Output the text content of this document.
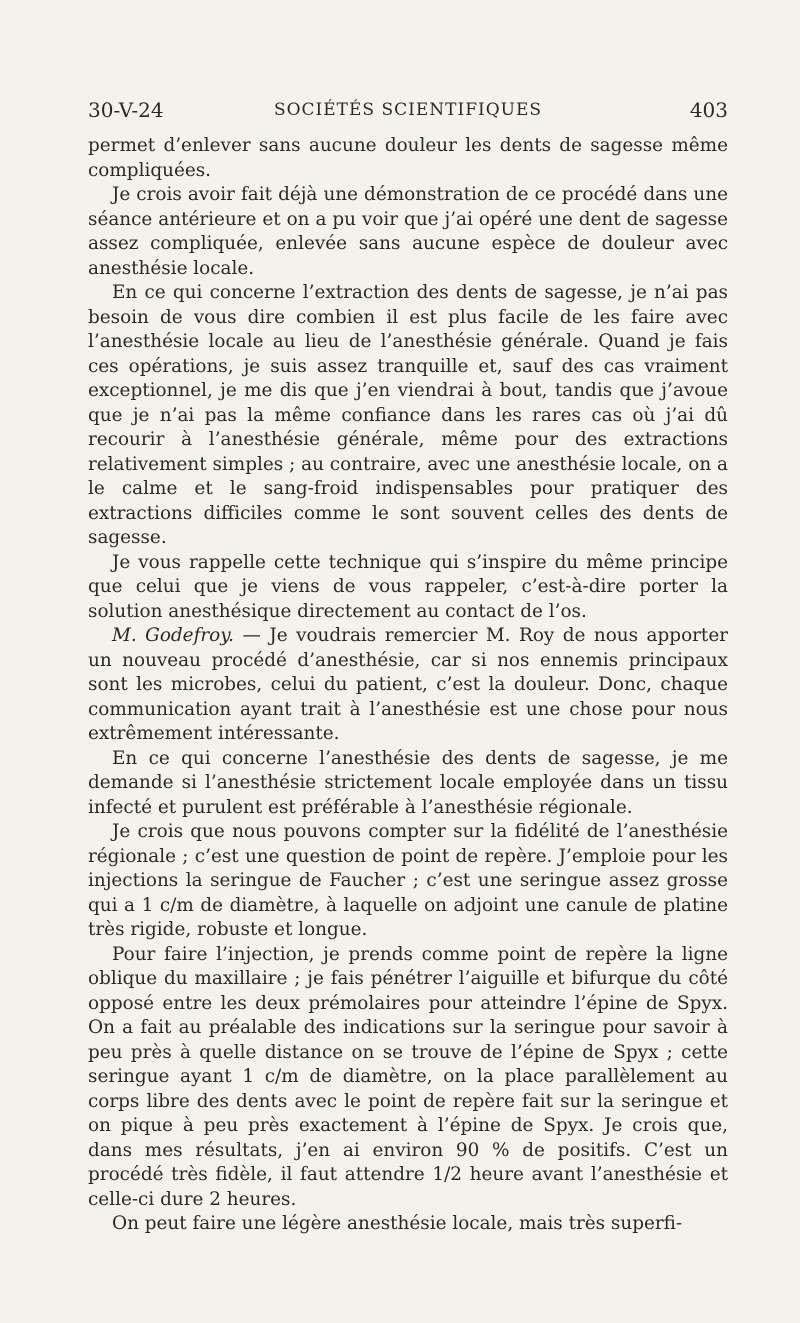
30-V-24	SOCIÉTÉS SCIENTIFIQUES	403

permet d’enlever sans aucune douleur les dents de sagesse même compliquées.

Je crois avoir fait déjà une démonstration de ce procédé dans une séance antérieure et on a pu voir que j’ai opéré une dent de sagesse assez compliquée, enlevée sans aucune espèce de douleur avec anesthésie locale.

En ce qui concerne l’extraction des dents de sagesse, je n’ai pas besoin de vous dire combien il est plus facile de les faire avec l’anesthésie locale au lieu de l’anesthésie générale. Quand je fais ces opérations, je suis assez tranquille et, sauf des cas vraiment exceptionnel, je me dis que j’en viendrai à bout, tandis que j’avoue que je n’ai pas la même confiance dans les rares cas où j’ai dû recourir à l’anesthésie générale, même pour des extractions relativement simples ; au contraire, avec une anesthésie locale, on a le calme et le sang-froid indispensables pour pratiquer des extractions difficiles comme le sont souvent celles des dents de sagesse.

Je vous rappelle cette technique qui s’inspire du même principe que celui que je viens de vous rappeler, c’est-à-dire porter la solution anesthésique directement au contact de l’os.

M. Godefroy. — Je voudrais remercier M. Roy de nous apporter un nouveau procédé d’anesthésie, car si nos ennemis principaux sont les microbes, celui du patient, c’est la douleur. Donc, chaque communication ayant trait à l’anesthésie est une chose pour nous extrêmement intéressante.

En ce qui concerne l’anesthésie des dents de sagesse, je me demande si l’anesthésie strictement locale employée dans un tissu infecté et purulent est préférable à l’anesthésie régionale.

Je crois que nous pouvons compter sur la fidélité de l’anesthésie régionale ; c’est une question de point de repère. J’emploie pour les injections la seringue de Faucher ; c’est une seringue assez grosse qui a 1 c/m de diamètre, à laquelle on adjoint une canule de platine très rigide, robuste et longue.

Pour faire l’injection, je prends comme point de repère la ligne oblique du maxillaire ; je fais pénétrer l’aiguille et bifurque du côté opposé entre les deux prémolaires pour atteindre l’épine de Spyx. On a fait au préalable des indications sur la seringue pour savoir à peu près à quelle distance on se trouve de l’épine de Spyx ; cette seringue ayant 1 c/m de diamètre, on la place parallèlement au corps libre des dents avec le point de repère fait sur la seringue et on pique à peu près exactement à l’épine de Spyx. Je crois que, dans mes résultats, j’en ai environ 90 % de positifs. C’est un procédé très fidèle, il faut attendre 1/2 heure avant l’anesthésie et celle-ci dure 2 heures.

On peut faire une légère anesthésie locale, mais très superfi-
